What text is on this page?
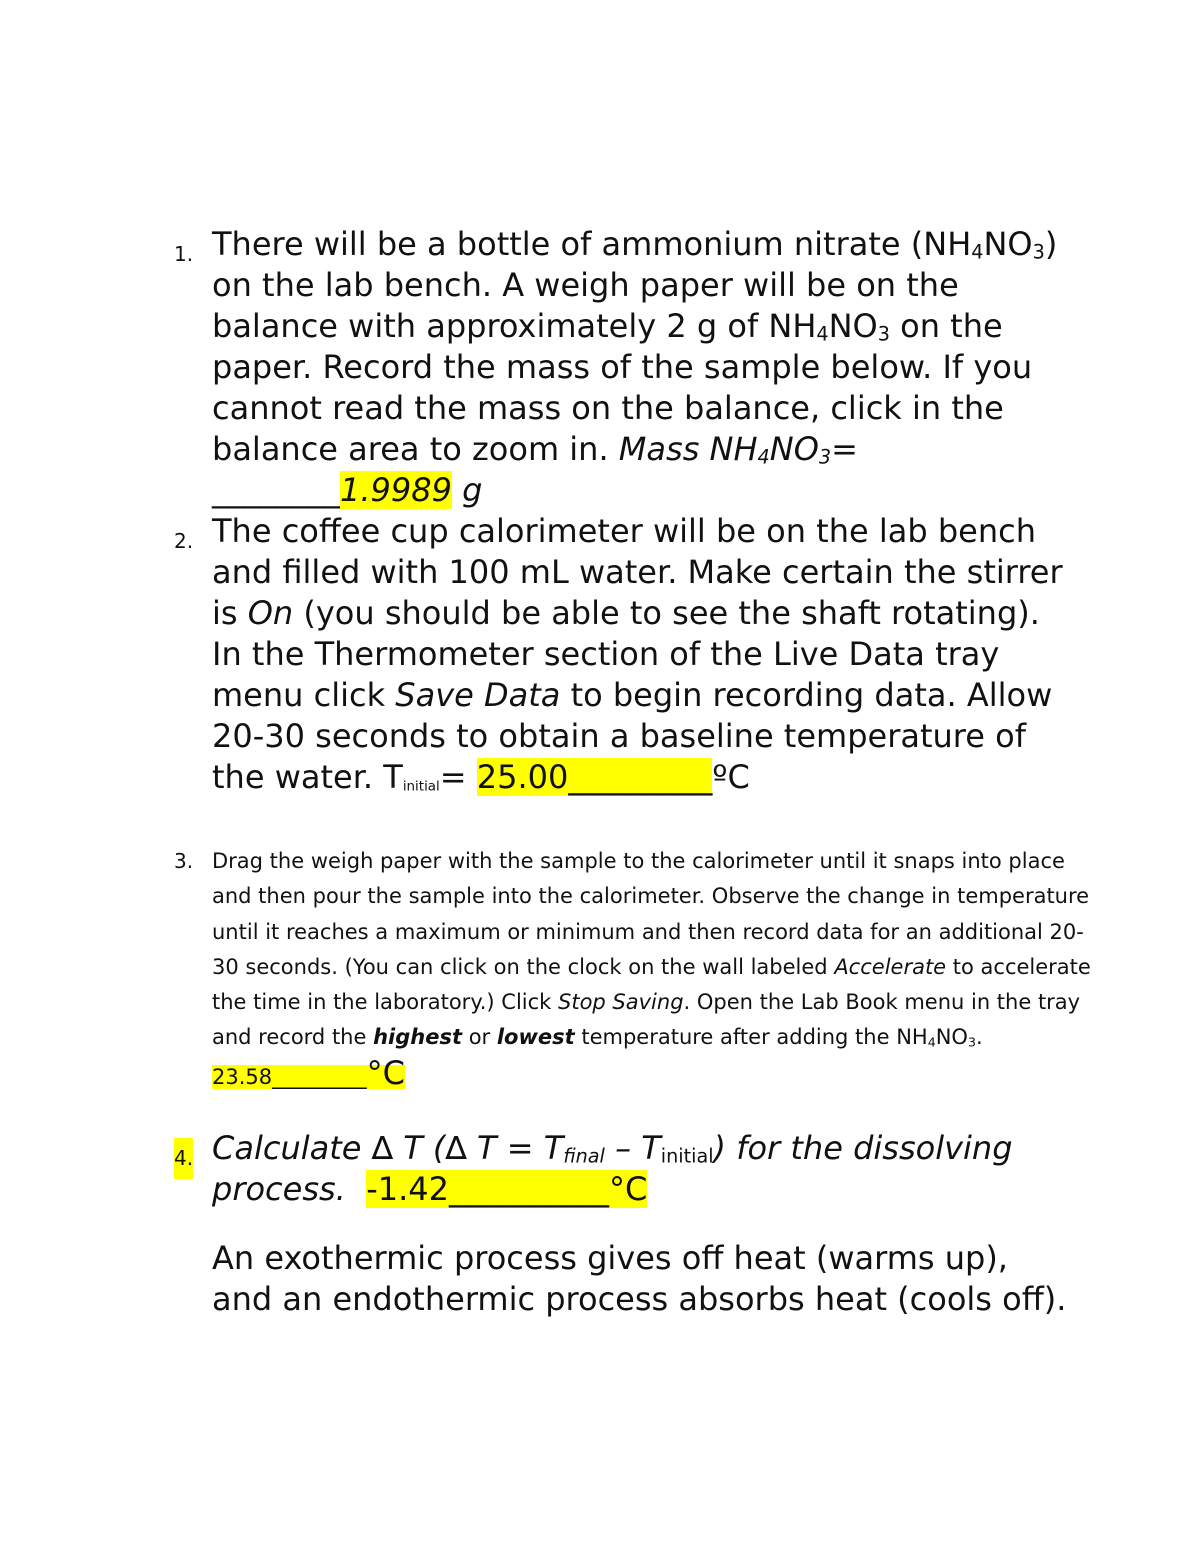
1. There will be a bottle of ammonium nitrate $(NH_4NO_3)$ on the lab bench. A weigh paper will be on the balance with approximately 2 g of $NH_4NO_3$ on the paper. Record the mass of the sample below. If you cannot read the mass on the balance, click in the balance area to zoom in. Mass $NH_4NO_3=$  ________1.9989 g
2. The coffee cup calorimeter will be on the lab bench and filled with 100 mL water. Make certain the stirrer is On (you should be able to see the shaft rotating). In the Thermometer section of the Live Data tray menu click Save Data to begin recording data. Allow 20-30 seconds to obtain a baseline temperature of the water. $T_{initial}=$ 25.00_________ºC
3. Drag the weigh paper with the sample to the calorimeter until it snaps into place and then pour the sample into the calorimeter. Observe the change in temperature until it reaches a maximum or minimum and then record data for an additional 20-30 seconds. (You can click on the clock on the wall labeled Accelerate to accelerate the time in the laboratory.) Click Stop Saving. Open the Lab Book menu in the tray and record the highest or lowest temperature after adding the $NH_4NO_3$.
23.58_________°C
4. Calculate ∆ T (∆ $T = T_{final} - T_{initial}$) for the dissolving process. -1.42__________°C
An exothermic process gives off heat (warms up), and an endothermic process absorbs heat (cools off).
